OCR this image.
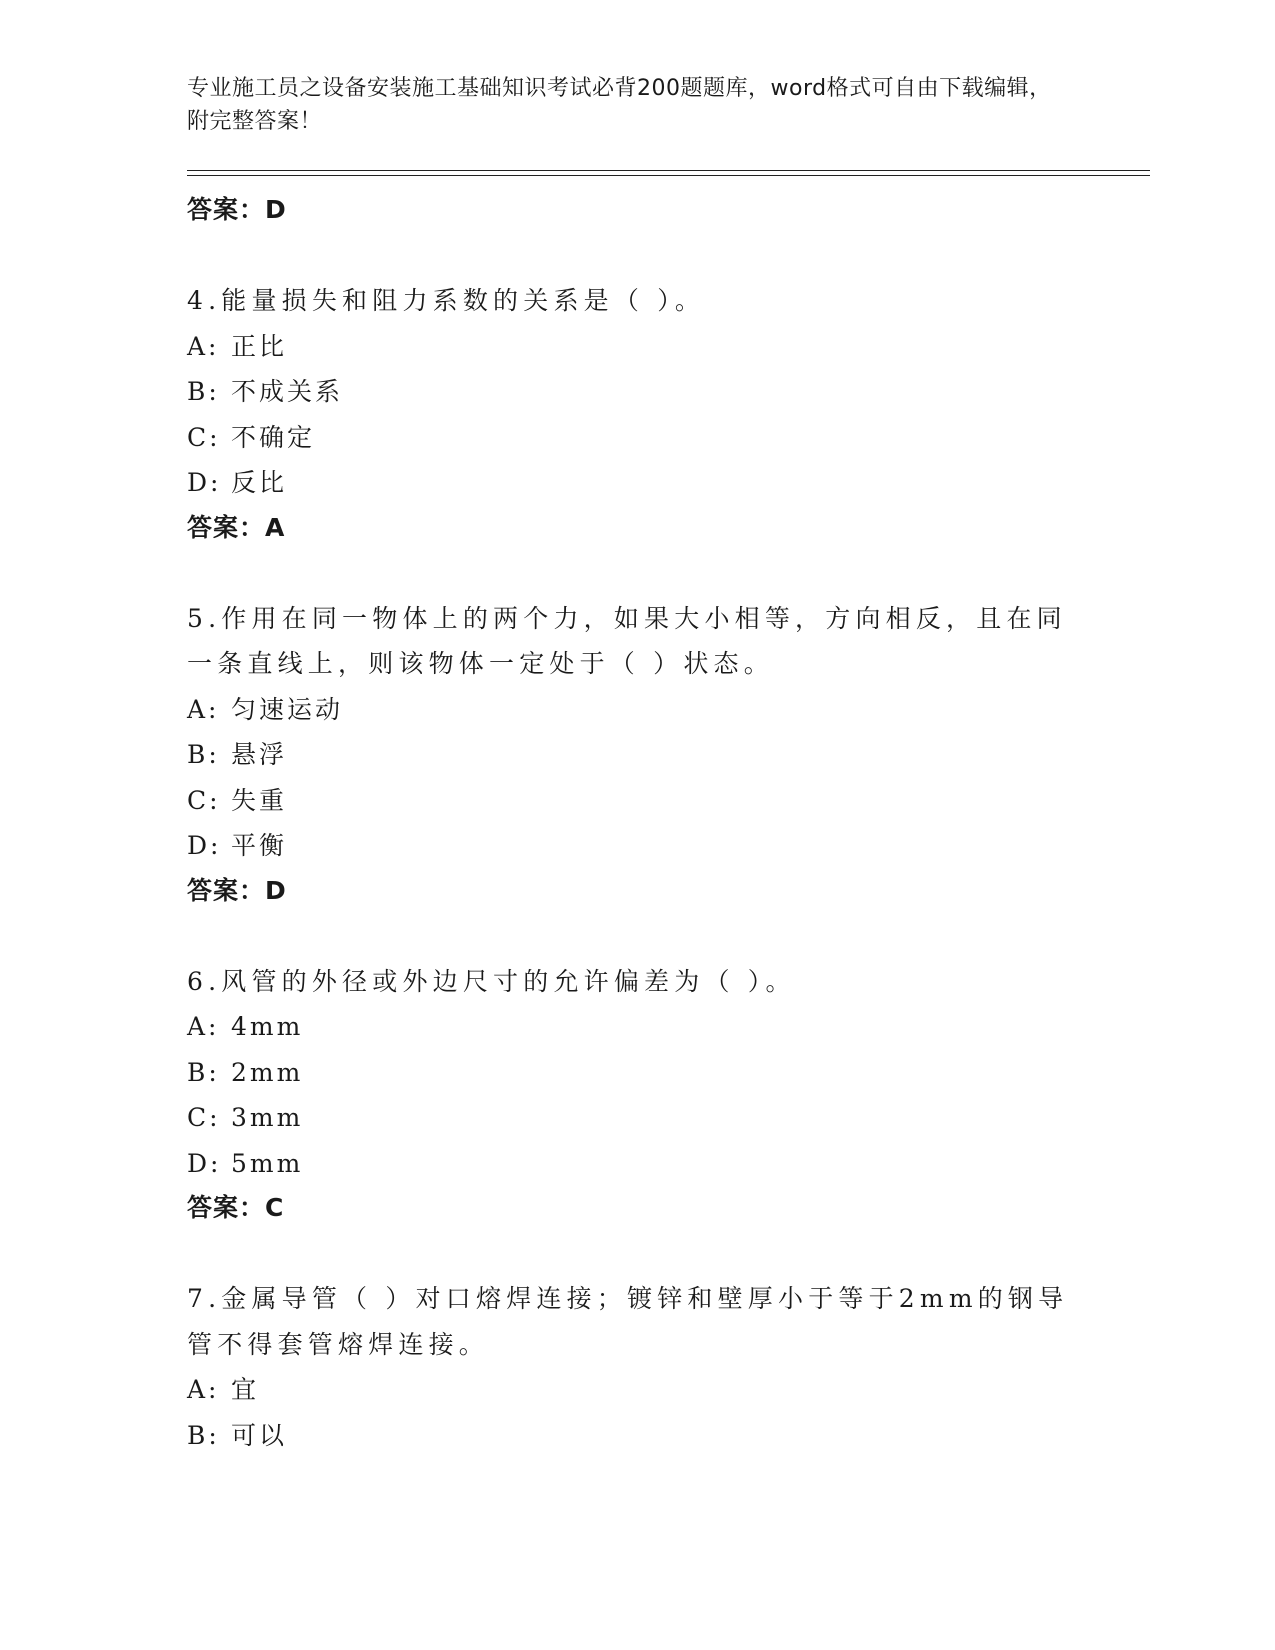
专业施工员之设备安装施工基础知识考试必背200题题库，word格式可自由下载编辑，附完整答案！
答案：D
4.能量损失和阻力系数的关系是（ ）。
A: 正比
B: 不成关系
C: 不确定
D: 反比
答案：A
5.作用在同一物体上的两个力，如果大小相等，方向相反，且在同一条直线上，则该物体一定处于（ ）状态。
A: 匀速运动
B: 悬浮
C: 失重
D: 平衡
答案：D
6.风管的外径或外边尺寸的允许偏差为（ ）。
A: 4mm
B: 2mm
C: 3mm
D: 5mm
答案：C
7.金属导管（ ）对口熔焊连接；镀锌和壁厚小于等于2mm的钢导管不得套管熔焊连接。
A: 宜
B: 可以
